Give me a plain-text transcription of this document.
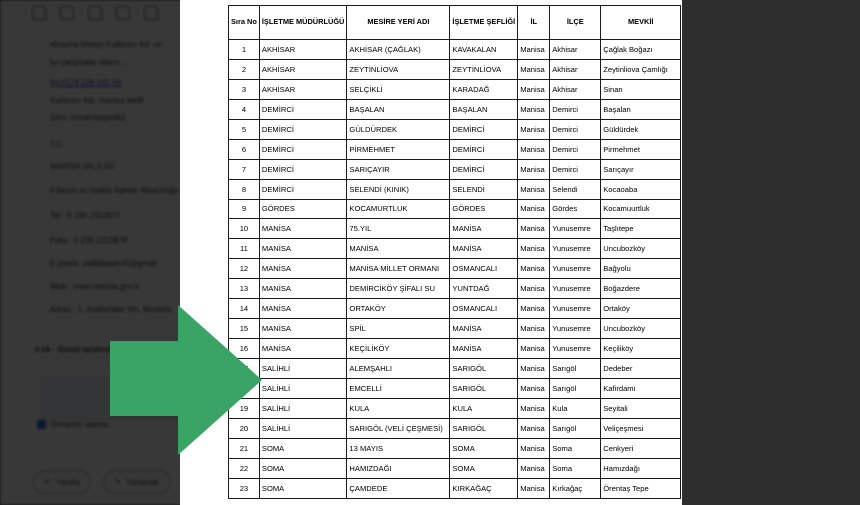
Sıra No	İŞLETME MÜDÜRLÜĞÜ	MESİRE YERİ ADI	İŞLETME ŞEFLİĞİ	İL	İLÇE	MEVKİİ
1	AKHİSAR	AKHİSAR (ÇAĞLAK)	KAVAKALAN	Manisa	Akhisar	Çağlak Boğazı
2	AKHİSAR	ZEYTİNLİOVA	ZEYTİNLİOVA	Manisa	Akhisar	Zeytinliova Çamlığı
3	AKHİSAR	SELÇİKLİ	KARADAĞ	Manisa	Akhisar	Sinan
4	DEMİRCİ	BAŞALAN	BAŞALAN	Manisa	Demirci	Başalan
5	DEMİRCİ	GÜLDÜRDEK	DEMİRCİ	Manisa	Demirci	Güldürdek
6	DEMİRCİ	PİRMEHMET	DEMİRCİ	Manisa	Demirci	Pirmehmet
7	DEMİRCİ	SARIÇAYIR	DEMİRCİ	Manisa	Demirci	Sarıçayır
8	DEMİRCİ	SELENDİ (KINIK)	SELENDİ	Manisa	Selendi	Kocaoaba
9	GÖRDES	KOCAMURTLUK	GÖRDES	Manisa	Gördes	Kocamuurtluk
10	MANİSA	75.YIL	MANİSA	Manisa	Yunusemre	Taşlıtepe
11	MANİSA	MANİSA	MANİSA	Manisa	Yunusemre	Uncubozköy
12	MANİSA	MANİSA MİLLET ORMANI	OSMANCALI	Manisa	Yunusemre	Bağyolu
13	MANİSA	DEMİRCİKÖY ŞİFALI SU	YUNTDAĞ	Manisa	Yunusemre	Boğazdere
14	MANİSA	ORTAKÖY	OSMANCALI	Manisa	Yunusemre	Ortaköy
15	MANİSA	SPİL	MANİSA	Manisa	Yunusemre	Uncubozköy
16	MANİSA	KEÇİLİKÖY	MANİSA	Manisa	Yunusemre	Keçiliköy
	SALİHLİ	ALEMŞAHLI	SARIGÖL	Manisa	Sarıgöl	Dedeber
	SALİHLİ	EMCELLİ	SARIGÖL	Manisa	Sarıgöl	Kafirdamı
19	SALİHLİ	KULA	KULA	Manisa	Kula	Seyitali
20	SALİHLİ	SARIGÖL (VELİ ÇEŞMESİ)	SARIGÖL	Manisa	Sarıgöl	Veliçeşmesi
21	SOMA	13 MAYIS	SOMA	Manisa	Soma	Cenkyeri
22	SOMA	HAMIZDAĞI	SOMA	Manisa	Soma	Hamızdağı
23	SOMA	ÇAMDEDE	KIRKAĞAÇ	Manisa	Kırkağaç	Örentaş Tepe
